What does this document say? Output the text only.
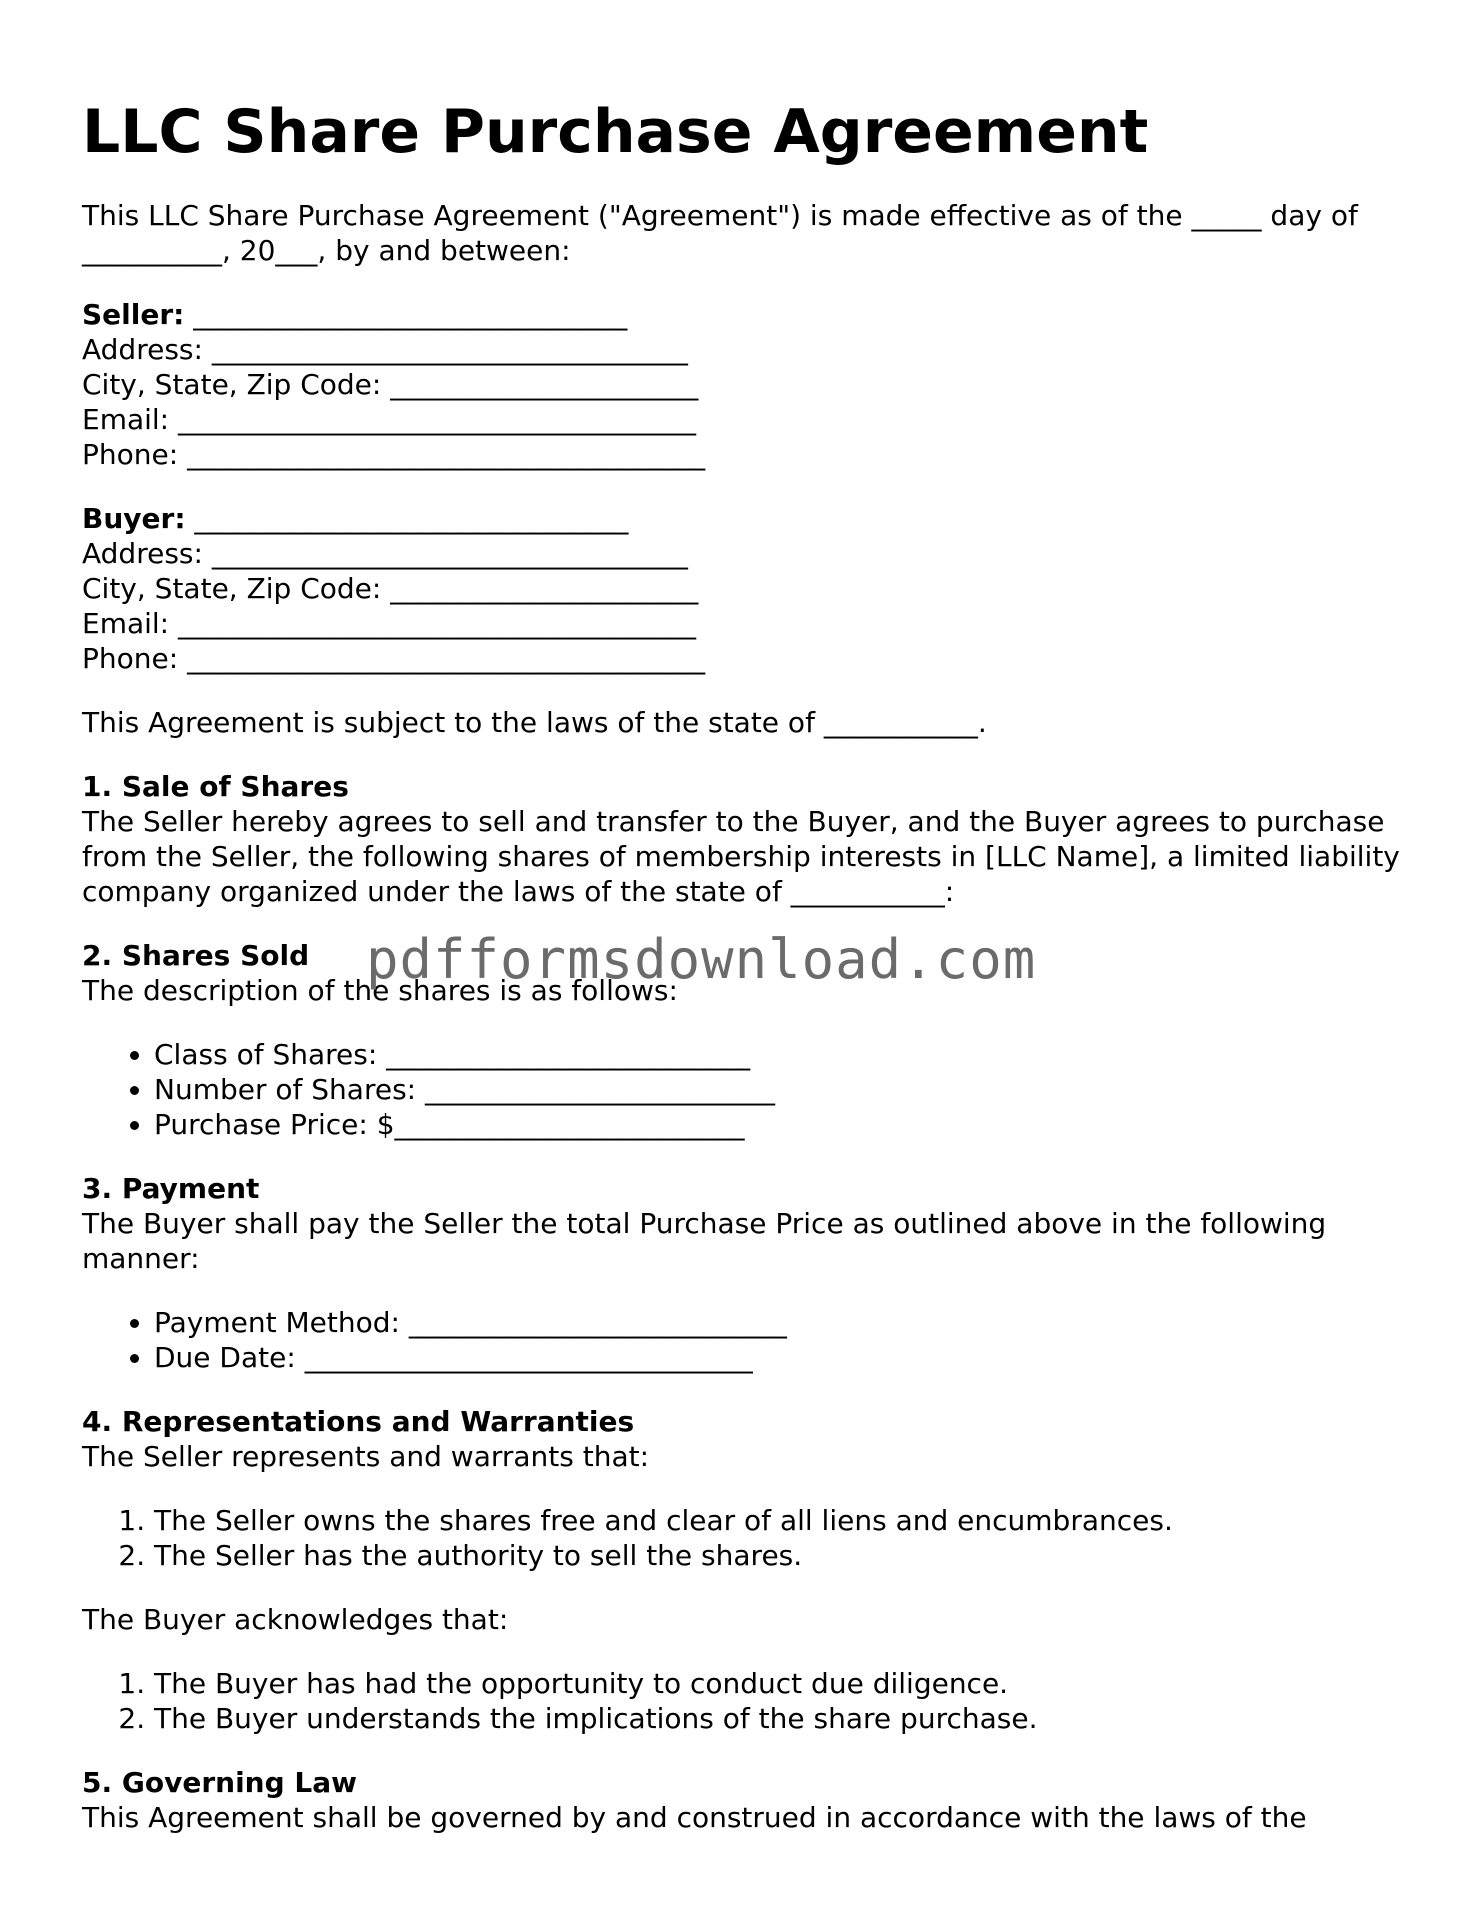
LLC Share Purchase Agreement

This LLC Share Purchase Agreement ("Agreement") is made effective as of the _____ day of __________, 20___, by and between:

Seller: _______________________________

Address: __________________________________

City, State, Zip Code: ______________________

Email: _____________________________________

Phone: _____________________________________

Buyer: _______________________________

Address: __________________________________

City, State, Zip Code: ______________________

Email: _____________________________________

Phone: _____________________________________

This Agreement is subject to the laws of the state of ___________.

1. Sale of Shares

The Seller hereby agrees to sell and transfer to the Buyer, and the Buyer agrees to purchase from the Seller, the following shares of membership interests in [LLC Name], a limited liability company organized under the laws of the state of ___________:

2. Shares Sold

The description of the shares is as follows:

• Class of Shares: __________________________
• Number of Shares: _________________________
• Purchase Price: $_________________________
3. Payment

The Buyer shall pay the Seller the total Purchase Price as outlined above in the following manner:

• Payment Method: ___________________________
• Due Date: ________________________________
4. Representations and Warranties

The Seller represents and warrants that:

1. The Seller owns the shares free and clear of all liens and encumbrances.
2. The Seller has the authority to sell the shares.

The Buyer acknowledges that:

1. The Buyer has had the opportunity to conduct due diligence.
2. The Buyer understands the implications of the share purchase.
5. Governing Law

This Agreement shall be governed by and construed in accordance with the laws of the

pdfformsdownload.com
